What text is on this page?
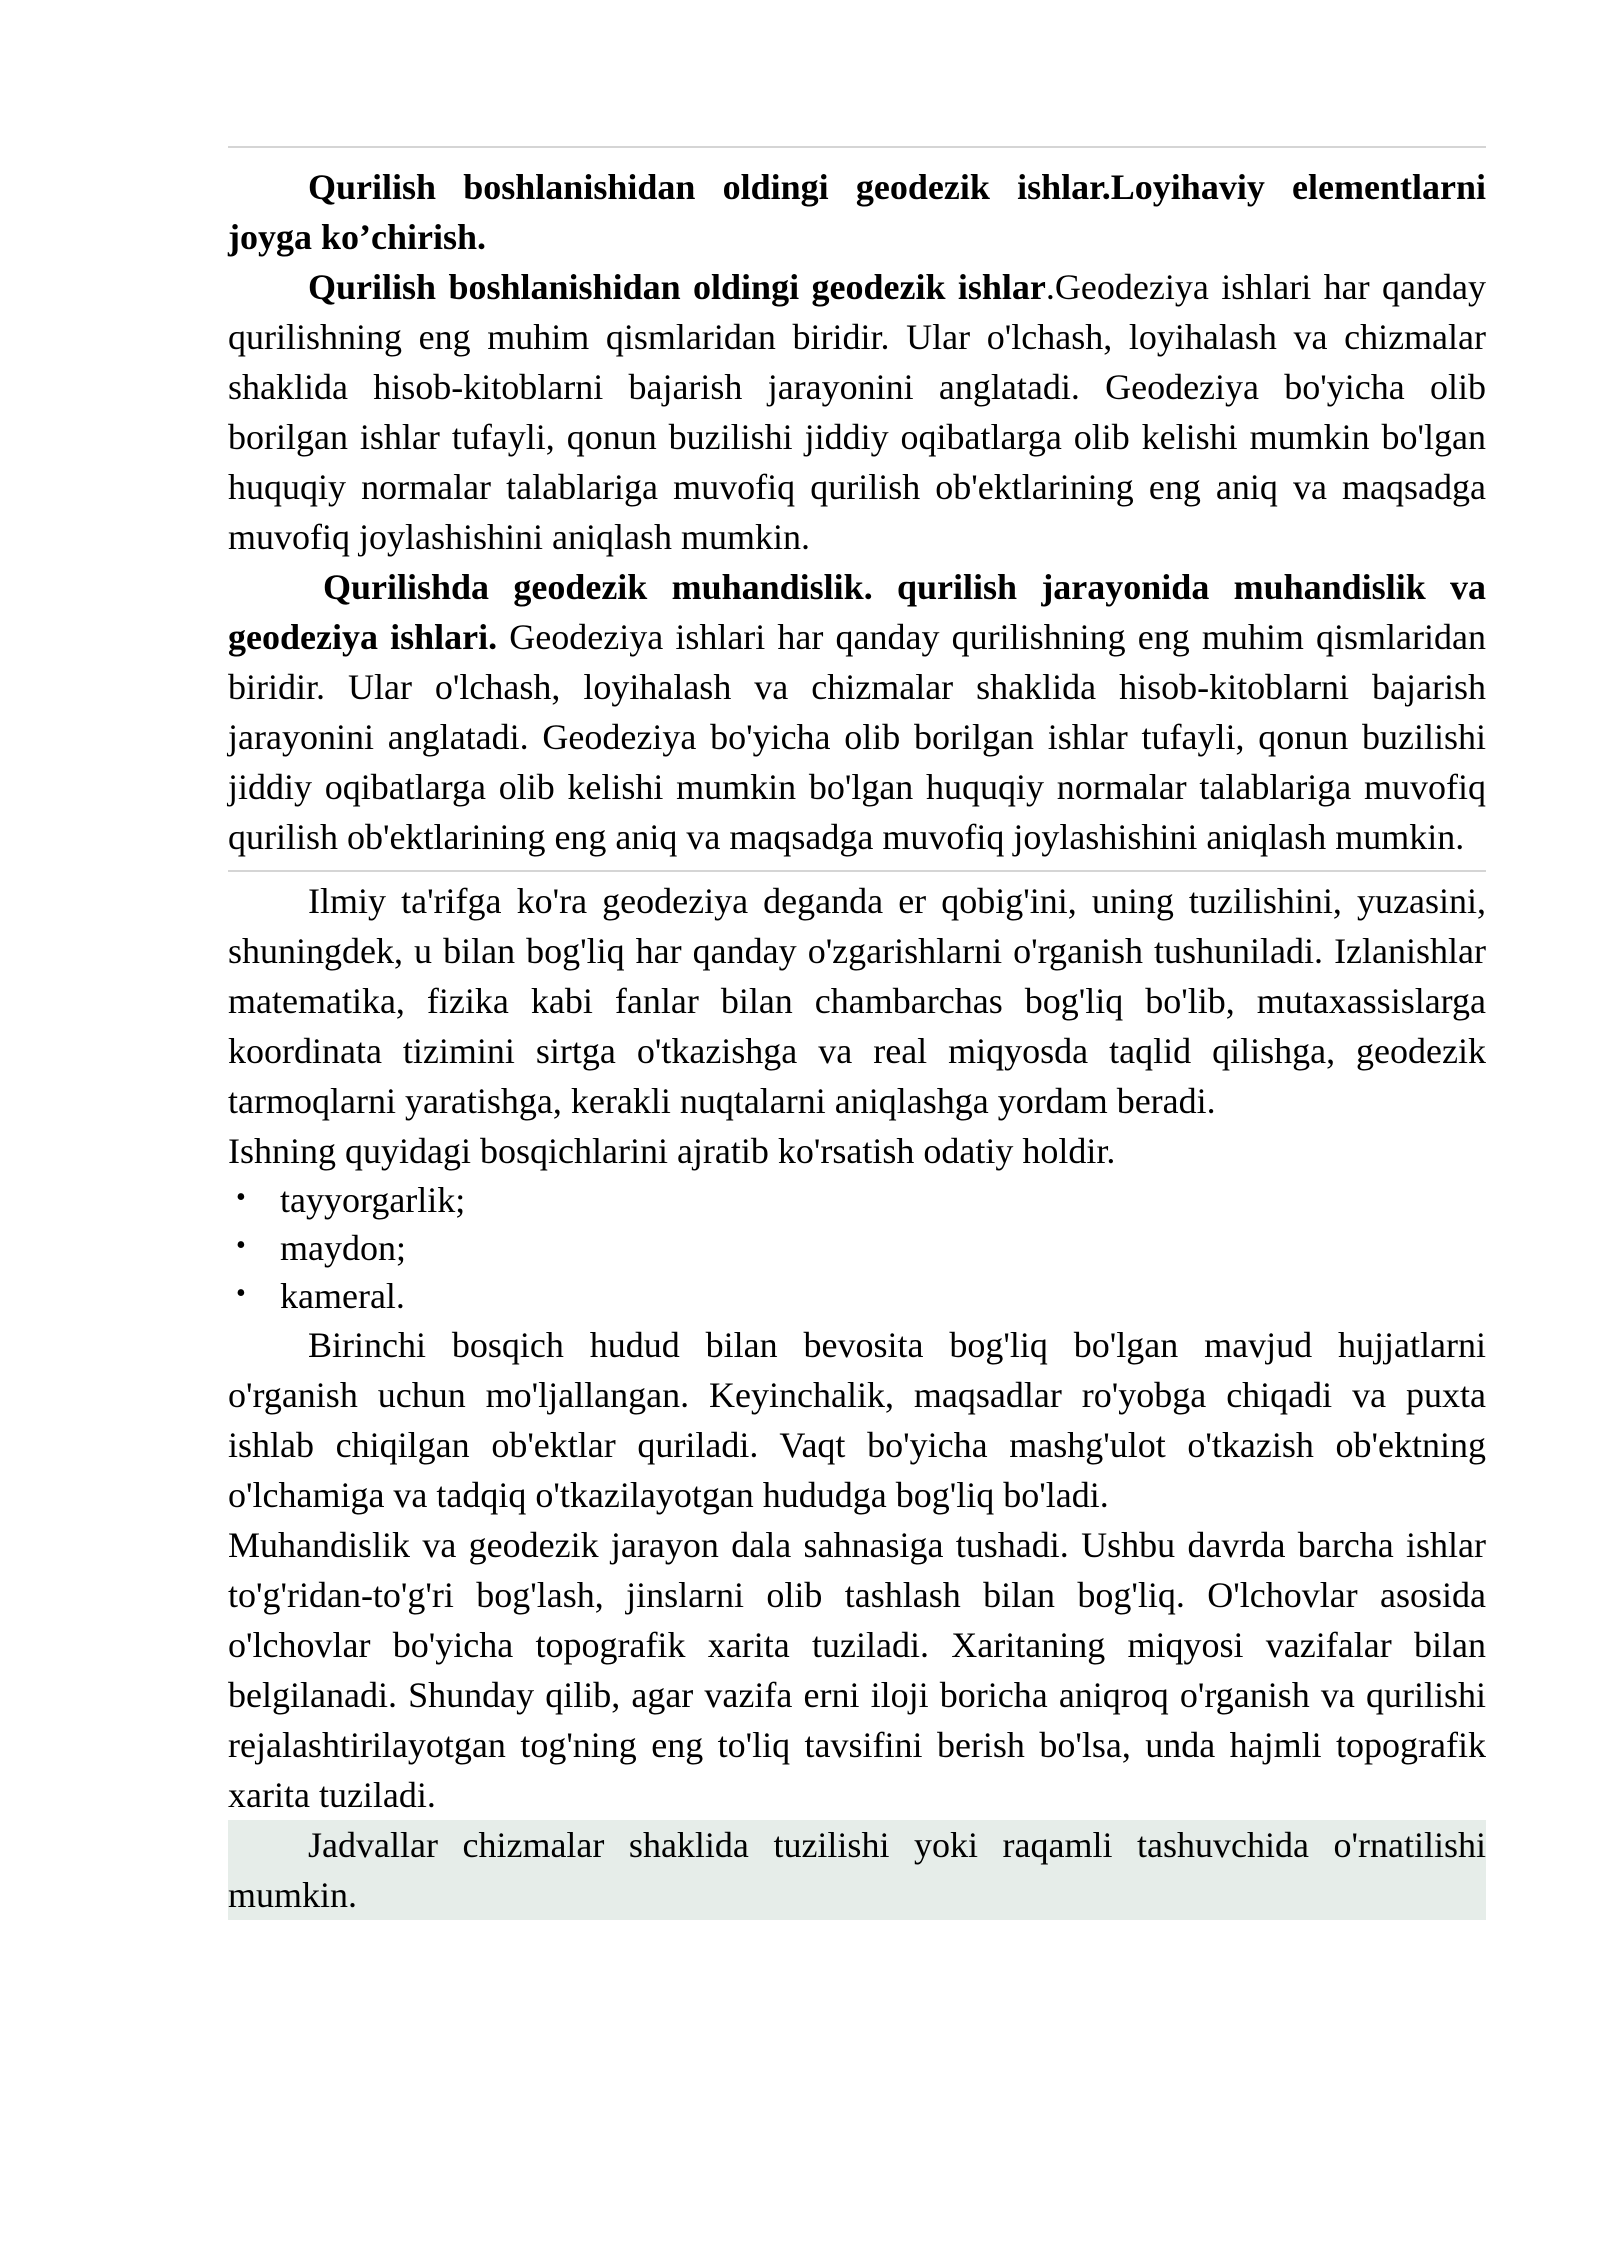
Qurilish boshlanishidan oldingi geodezik ishlar.Loyihaviy elementlarni joyga ko’chirish.

Qurilish boshlanishidan oldingi geodezik ishlar.Geodeziya ishlari har qanday qurilishning eng muhim qismlaridan biridir. Ular o'lchash, loyihalash va chizmalar shaklida hisob-kitoblarni bajarish jarayonini anglatadi. Geodeziya bo'yicha olib borilgan ishlar tufayli, qonun buzilishi jiddiy oqibatlarga olib kelishi mumkin bo'lgan huquqiy normalar talablariga muvofiq qurilish ob'ektlarining eng aniq va maqsadga muvofiq joylashishini aniqlash mumkin.

Qurilishda geodezik muhandislik. qurilish jarayonida muhandislik va geodeziya ishlari. Geodeziya ishlari har qanday qurilishning eng muhim qismlaridan biridir. Ular o'lchash, loyihalash va chizmalar shaklida hisob-kitoblarni bajarish jarayonini anglatadi. Geodeziya bo'yicha olib borilgan ishlar tufayli, qonun buzilishi jiddiy oqibatlarga olib kelishi mumkin bo'lgan huquqiy normalar talablariga muvofiq qurilish ob'ektlarining eng aniq va maqsadga muvofiq joylashishini aniqlash mumkin.

Ilmiy ta'rifga ko'ra geodeziya deganda er qobig'ini, uning tuzilishini, yuzasini, shuningdek, u bilan bog'liq har qanday o'zgarishlarni o'rganish tushuniladi. Izlanishlar matematika, fizika kabi fanlar bilan chambarchas bog'liq bo'lib, mutaxassislarga koordinata tizimini sirtga o'tkazishga va real miqyosda taqlid qilishga, geodezik tarmoqlarni yaratishga, kerakli nuqtalarni aniqlashga yordam beradi.

Ishning quyidagi bosqichlarini ajratib ko'rsatish odatiy holdir.

• tayyorgarlik;
• maydon;
• kameral.

Birinchi bosqich hudud bilan bevosita bog'liq bo'lgan mavjud hujjatlarni o'rganish uchun mo'ljallangan. Keyinchalik, maqsadlar ro'yobga chiqadi va puxta ishlab chiqilgan ob'ektlar quriladi. Vaqt bo'yicha mashg'ulot o'tkazish ob'ektning o'lchamiga va tadqiq o'tkazilayotgan hududga bog'liq bo'ladi.

Muhandislik va geodezik jarayon dala sahnasiga tushadi. Ushbu davrda barcha ishlar to'g'ridan-to'g'ri bog'lash, jinslarni olib tashlash bilan bog'liq. O'lchovlar asosida o'lchovlar bo'yicha topografik xarita tuziladi. Xaritaning miqyosi vazifalar bilan belgilanadi. Shunday qilib, agar vazifa erni iloji boricha aniqroq o'rganish va qurilishi rejalashtirilayotgan tog'ning eng to'liq tavsifini berish bo'lsa, unda hajmli topografik xarita tuziladi.

Jadvallar chizmalar shaklida tuzilishi yoki raqamli tashuvchida o'rnatilishi mumkin.
